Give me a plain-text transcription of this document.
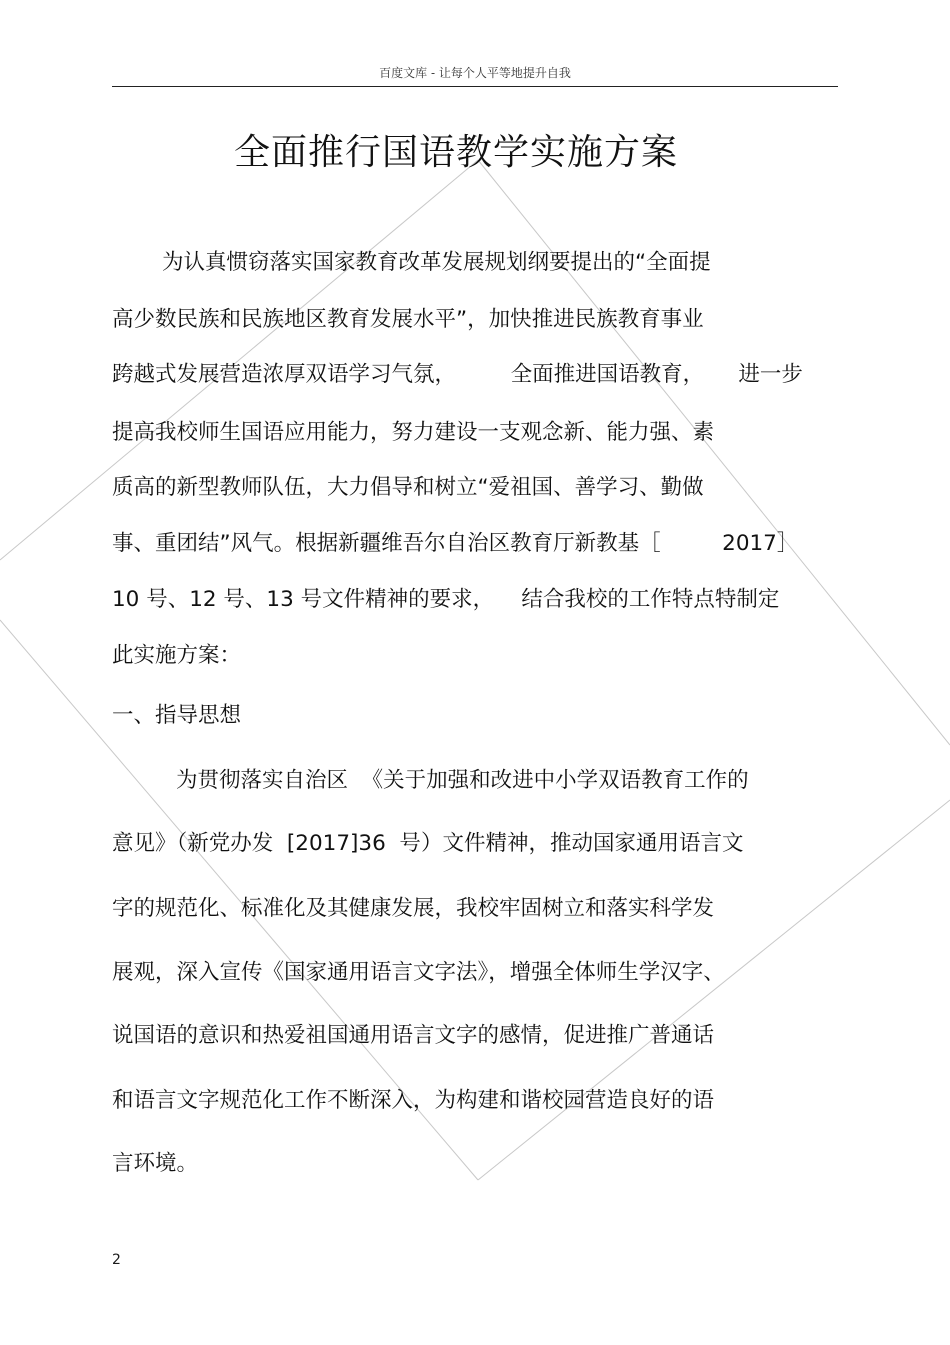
百度文库 - 让每个人平等地提升自我
全面推行国语教学实施方案
为认真惯窃落实国家教育改革发展规划纲要提出的“全面提
高少数民族和民族地区教育发展水平”，加快推进民族教育事业
跨越式发展营造浓厚双语学习气氛，        全面推进国语教育，     进一步
提高我校师生国语应用能力，努力建设一支观念新、能力强、素
质高的新型教师队伍，大力倡导和树立“爱祖国、善学习、勤做
事、重团结”风气。根据新疆维吾尔自治区教育厅新教基［         2017］
10 号、12 号、13 号文件精神的要求，    结合我校的工作特点特制定
此实施方案：
一、指导思想
为贯彻落实自治区  《关于加强和改进中小学双语教育工作的
意见》（新党办发  [2017]36  号）文件精神，推动国家通用语言文
字的规范化、标准化及其健康发展，我校牢固树立和落实科学发
展观，深入宣传《国家通用语言文字法》，增强全体师生学汉字、
说国语的意识和热爱祖国通用语言文字的感情，促进推广普通话
和语言文字规范化工作不断深入，为构建和谐校园营造良好的语
言环境。
2
